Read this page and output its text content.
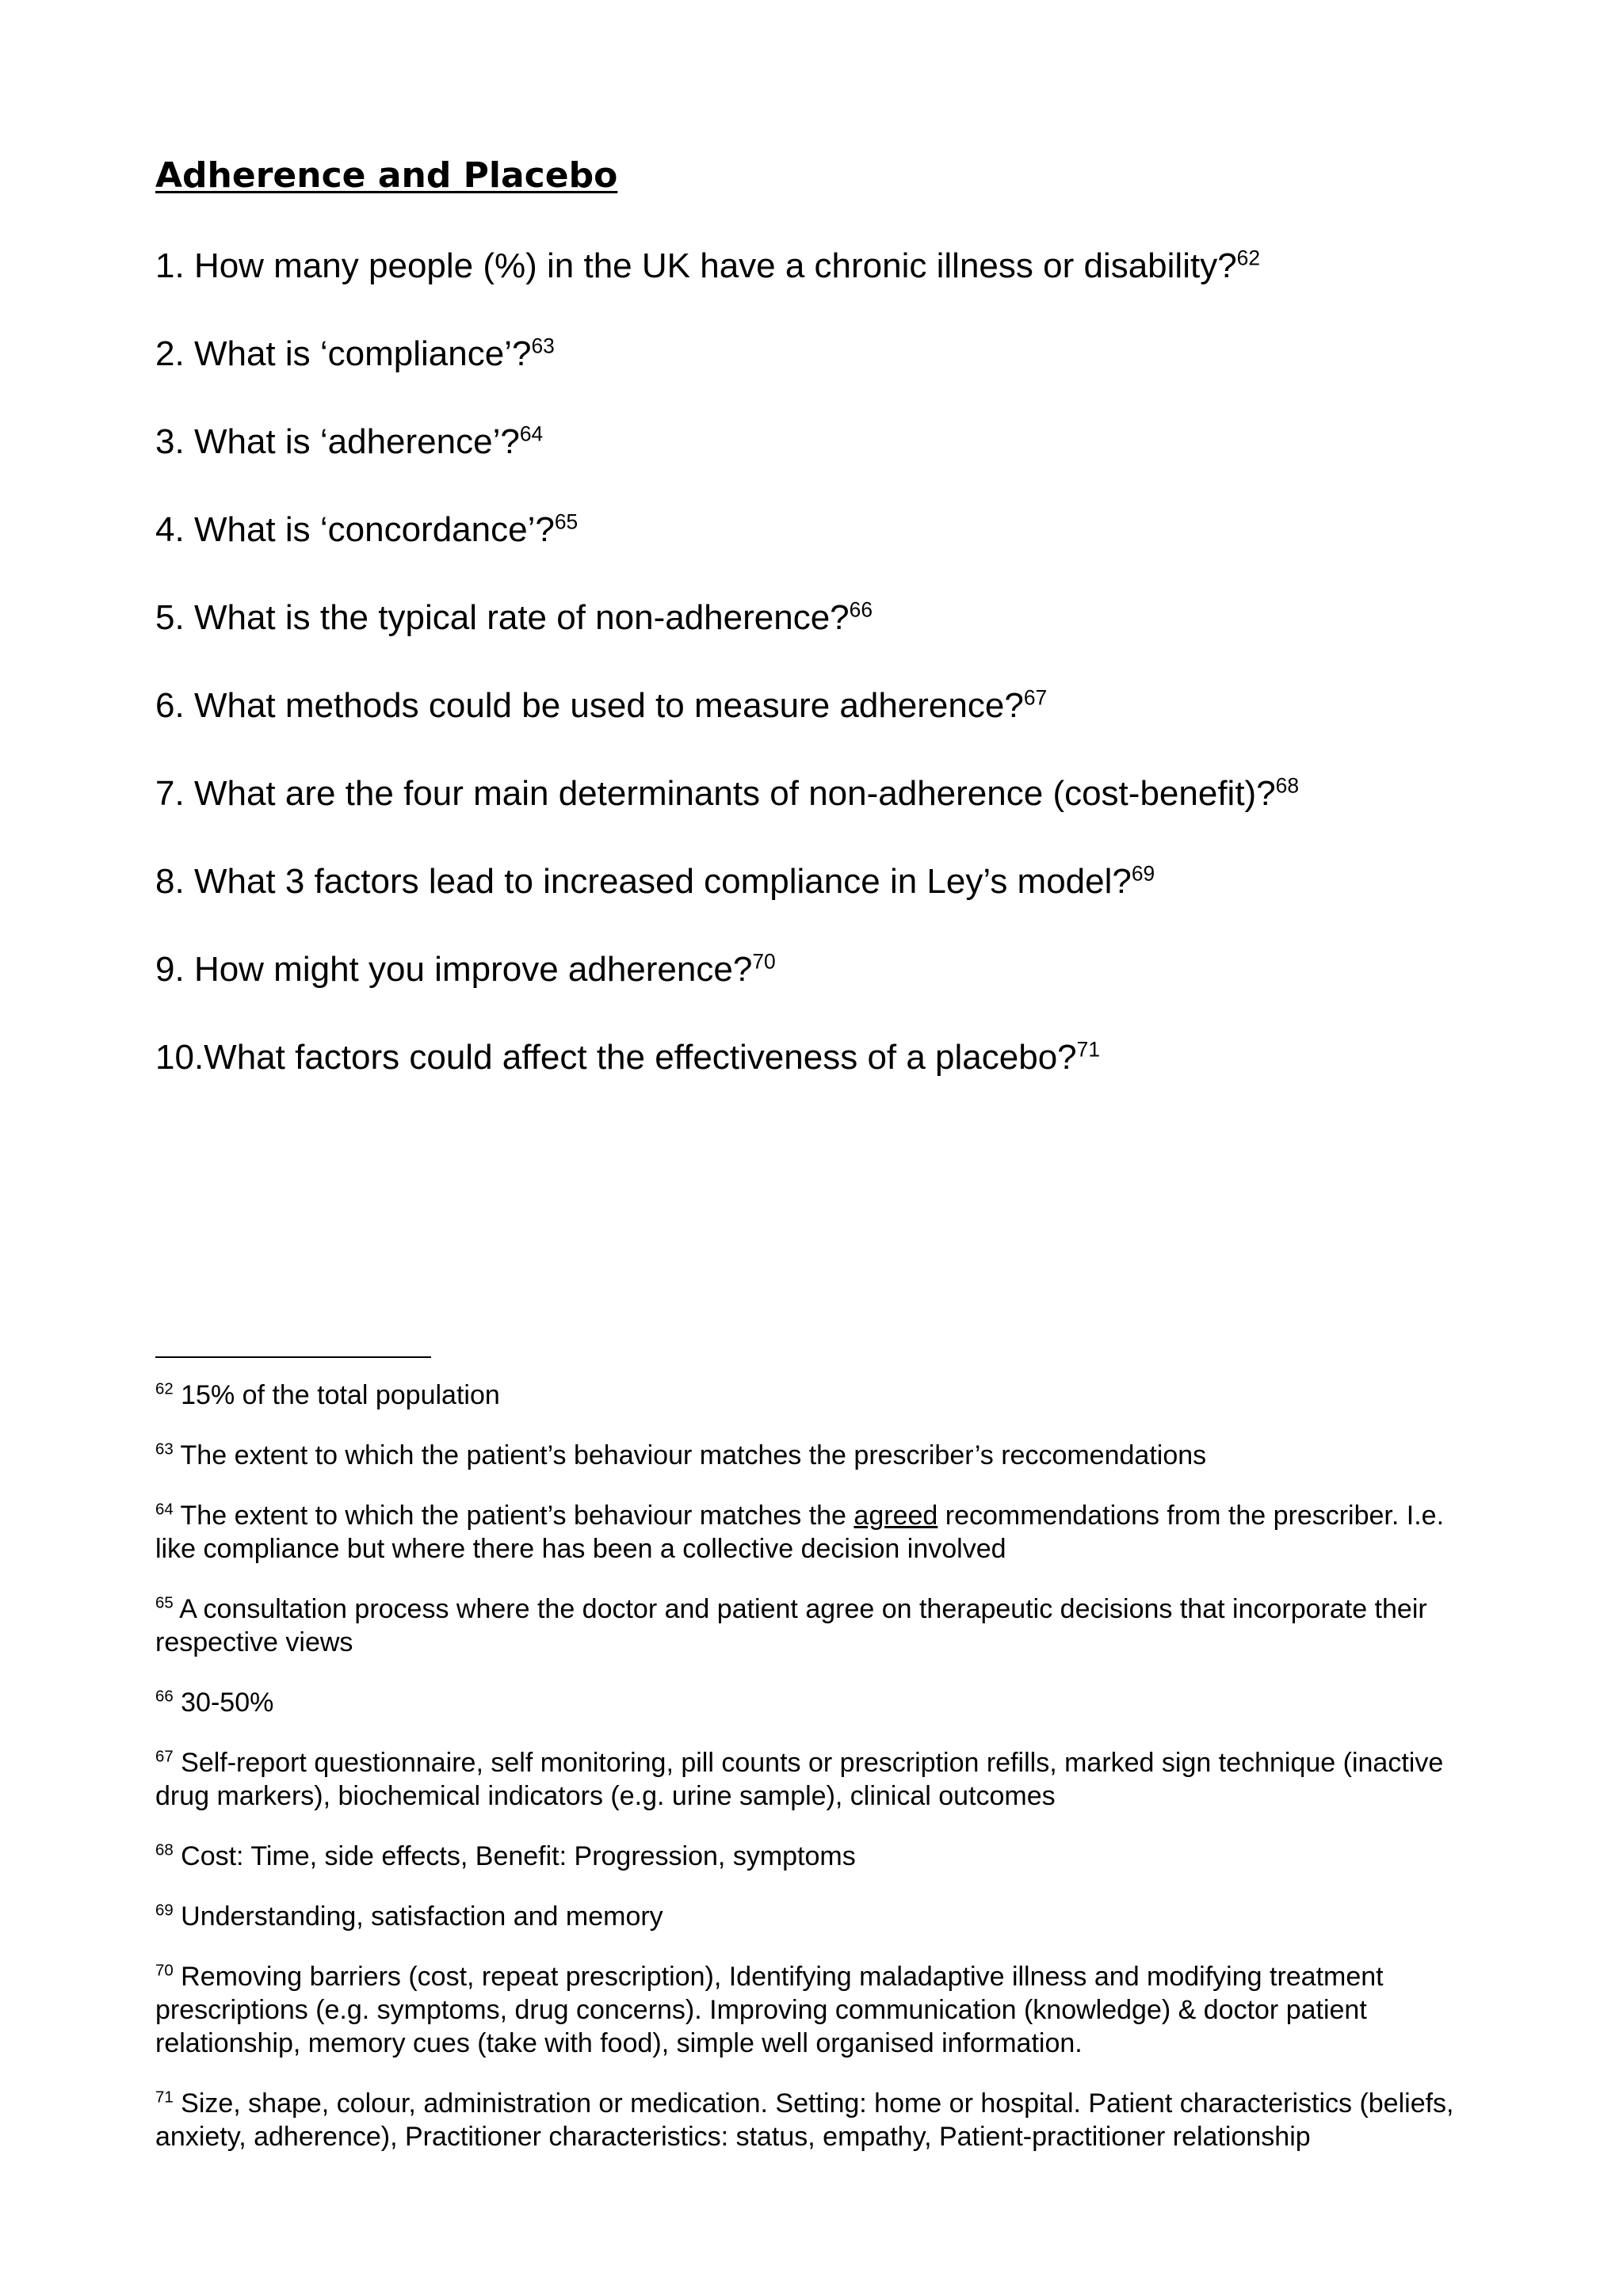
Adherence and Placebo
1. How many people (%) in the UK have a chronic illness or disability?$^{62}$
2. What is ‘compliance’?$^{63}$
3. What is ‘adherence’?$^{64}$
4. What is ‘concordance’?$^{65}$
5. What is the typical rate of non-adherence?$^{66}$
6. What methods could be used to measure adherence?$^{67}$
7. What are the four main determinants of non-adherence (cost-benefit)?$^{68}$
8. What 3 factors lead to increased compliance in Ley’s model?$^{69}$
9. How might you improve adherence?$^{70}$
10.What factors could affect the effectiveness of a placebo?$^{71}$
$^{62}$ 15% of the total population
$^{63}$ The extent to which the patient’s behaviour matches the prescriber’s reccomendations
$^{64}$ The extent to which the patient’s behaviour matches the agreed recommendations from the prescriber. I.e. like compliance but where there has been a collective decision involved
$^{65}$ A consultation process where the doctor and patient agree on therapeutic decisions that incorporate their respective views
$^{66}$ 30-50%
$^{67}$ Self-report questionnaire, self monitoring, pill counts or prescription refills, marked sign technique (inactive drug markers), biochemical indicators (e.g. urine sample), clinical outcomes
$^{68}$ Cost: Time, side effects, Benefit: Progression, symptoms
$^{69}$ Understanding, satisfaction and memory
$^{70}$ Removing barriers (cost, repeat prescription), Identifying maladaptive illness and modifying treatment prescriptions (e.g. symptoms, drug concerns). Improving communication (knowledge) & doctor patient relationship, memory cues (take with food), simple well organised information.
$^{71}$ Size, shape, colour, administration or medication. Setting: home or hospital. Patient characteristics (beliefs, anxiety, adherence), Practitioner characteristics: status, empathy, Patient-practitioner relationship
